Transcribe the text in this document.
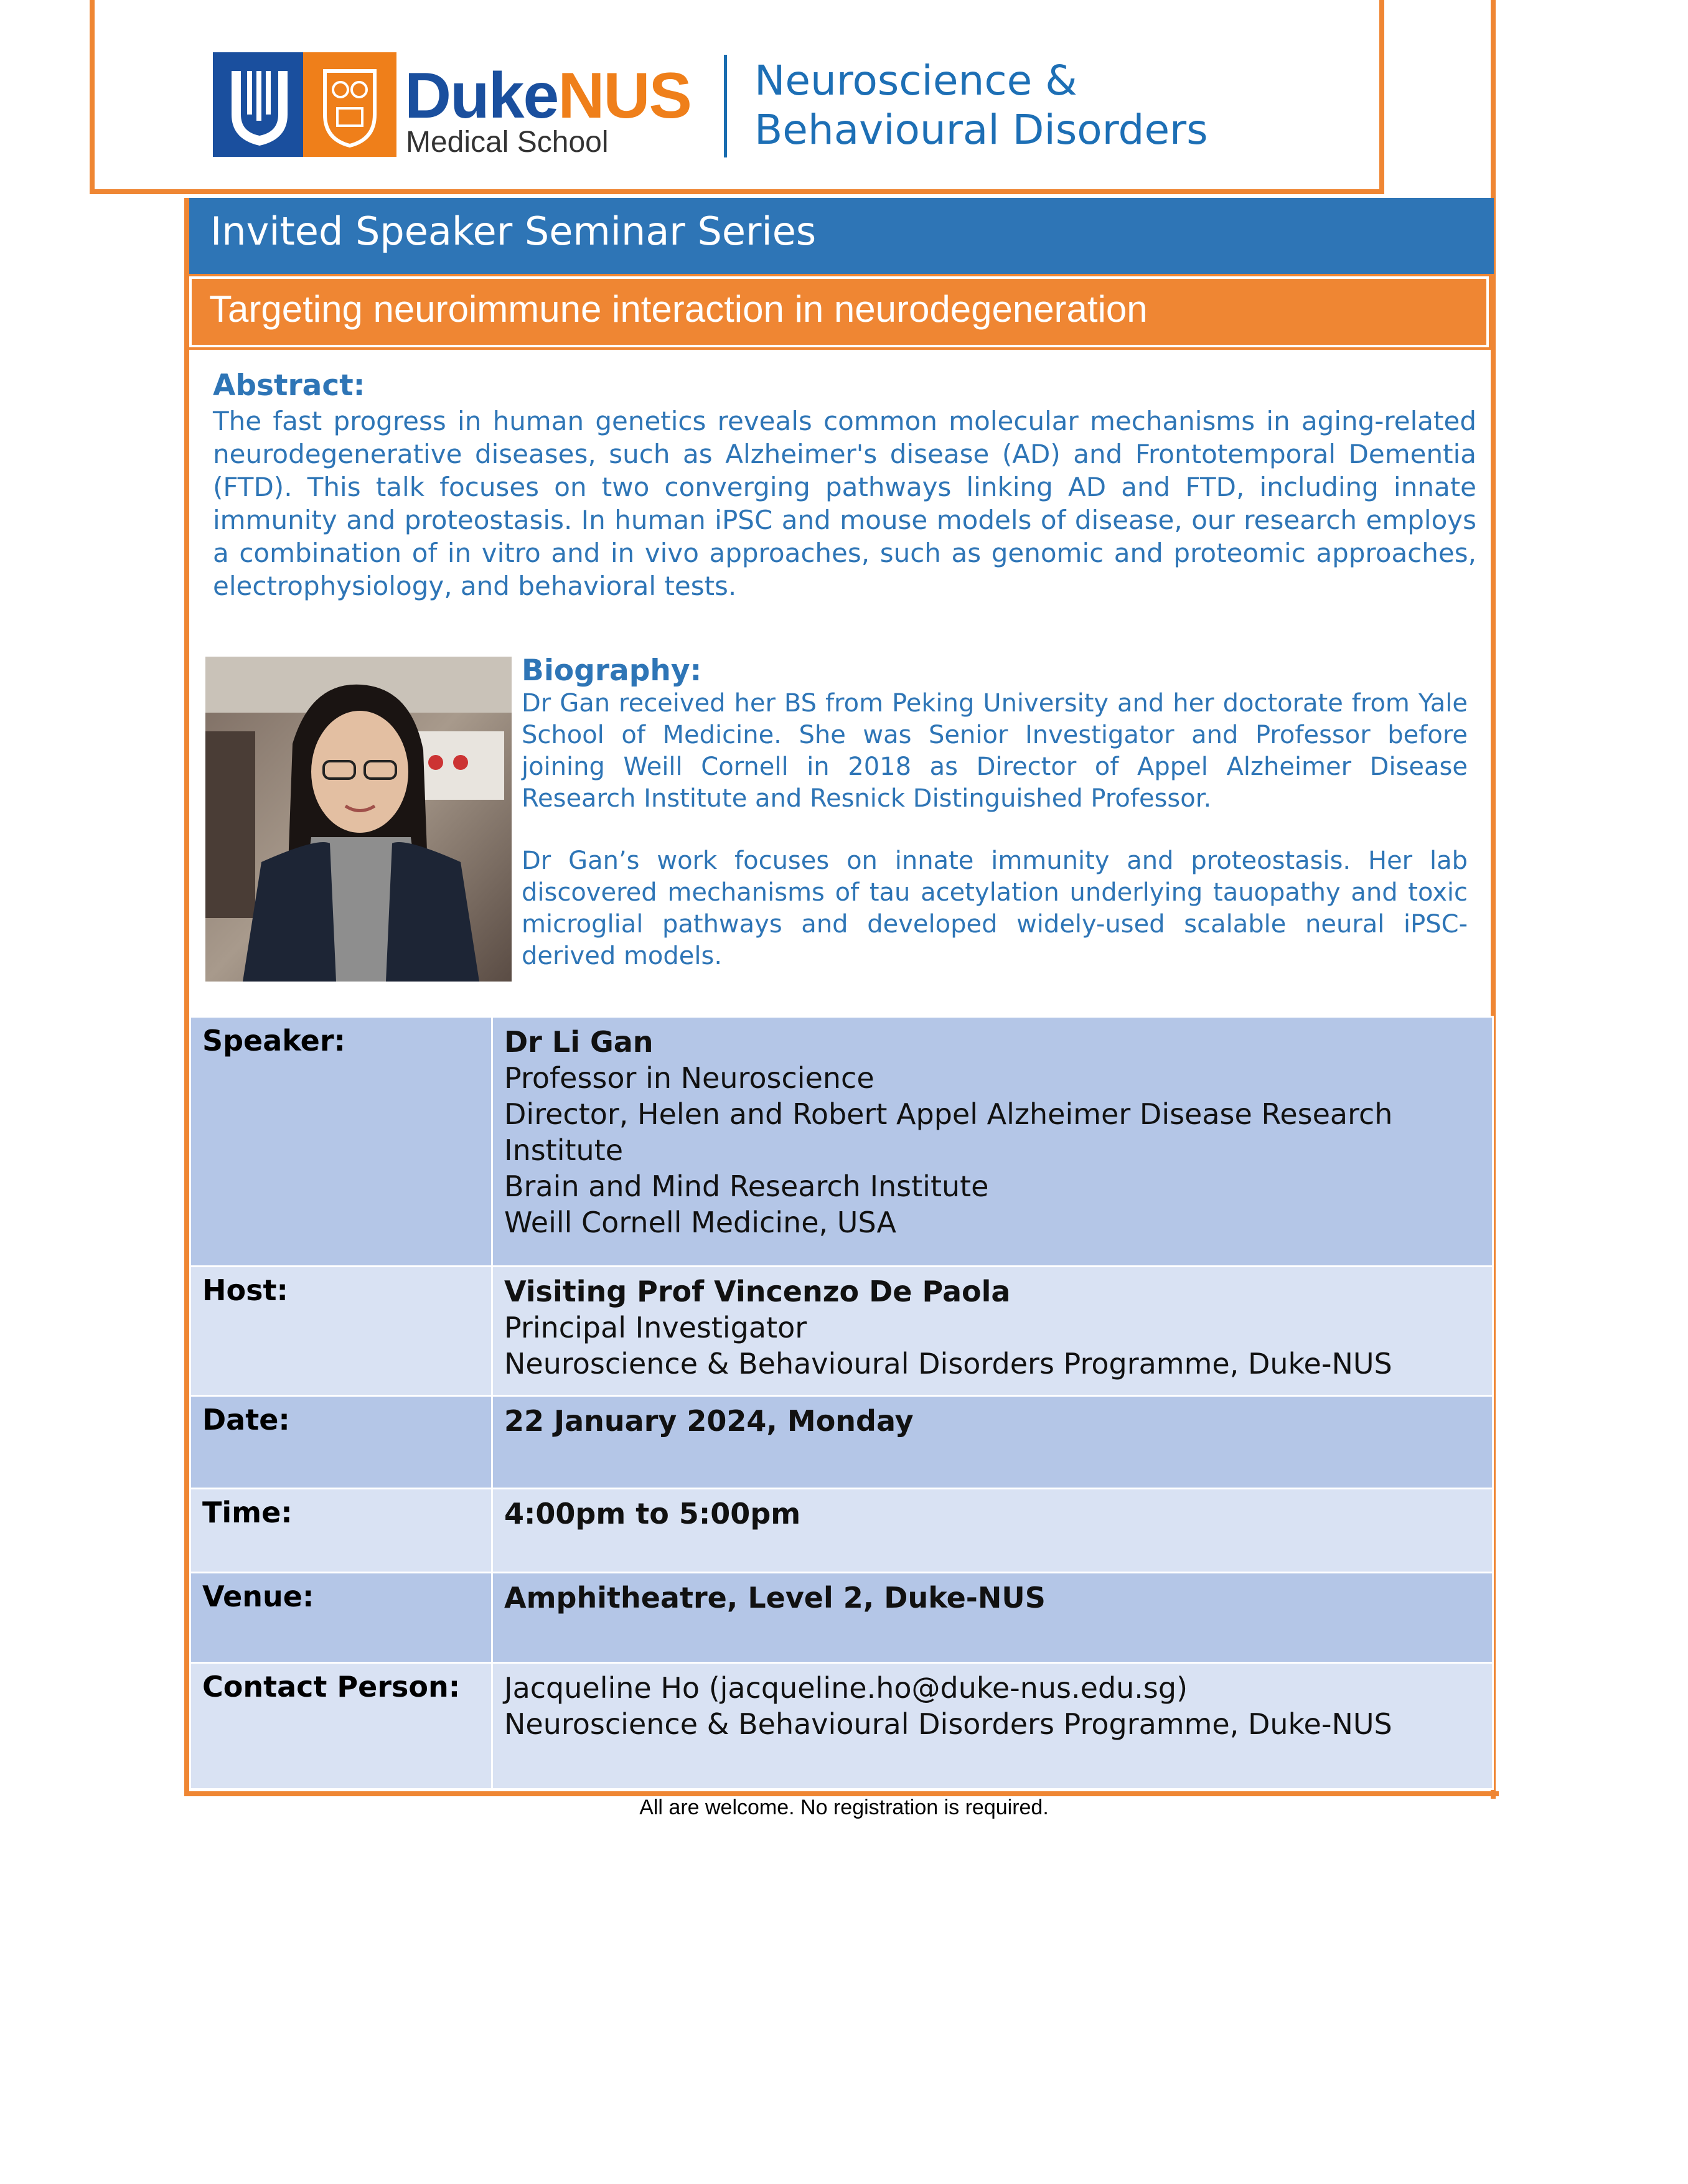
DukeNUS
Medical School
Neuroscience &
Behavioural Disorders
Invited Speaker Seminar Series
Targeting neuroimmune interaction in neurodegeneration
Abstract:
The fast progress in human genetics reveals common molecular mechanisms in aging-related neurodegenerative diseases, such as Alzheimer's disease (AD) and Frontotemporal Dementia (FTD). This talk focuses on two converging pathways linking AD and FTD, including innate immunity and proteostasis. In human iPSC and mouse models of disease, our research employs a combination of in vitro and in vivo approaches, such as genomic and proteomic approaches, electrophysiology, and behavioral tests.
Biography:
Dr Gan received her BS from Peking University and her doctorate from Yale School of Medicine. She was Senior Investigator and Professor before joining Weill Cornell in 2018 as Director of Appel Alzheimer Disease Research Institute and Resnick Distinguished Professor.
Dr Gan’s work focuses on innate immunity and proteostasis. Her lab discovered mechanisms of tau acetylation underlying tauopathy and toxic microglial pathways and developed widely-used scalable neural iPSC-derived models.
Speaker:	Dr Li Gan
Professor in Neuroscience
Director, Helen and Robert Appel Alzheimer Disease Research Institute
Brain and Mind Research Institute
Weill Cornell Medicine, USA

Host:	Visiting Prof Vincenzo De Paola
Principal Investigator
Neuroscience & Behavioural Disorders Programme, Duke-NUS

Date:	22 January 2024, Monday
Time:	4:00pm to 5:00pm
Venue:	Amphitheatre, Level 2, Duke-NUS
Contact Person:	Jacqueline Ho (jacqueline.ho@duke-nus.edu.sg)
Neuroscience & Behavioural Disorders Programme, Duke-NUS
All are welcome. No registration is required.
